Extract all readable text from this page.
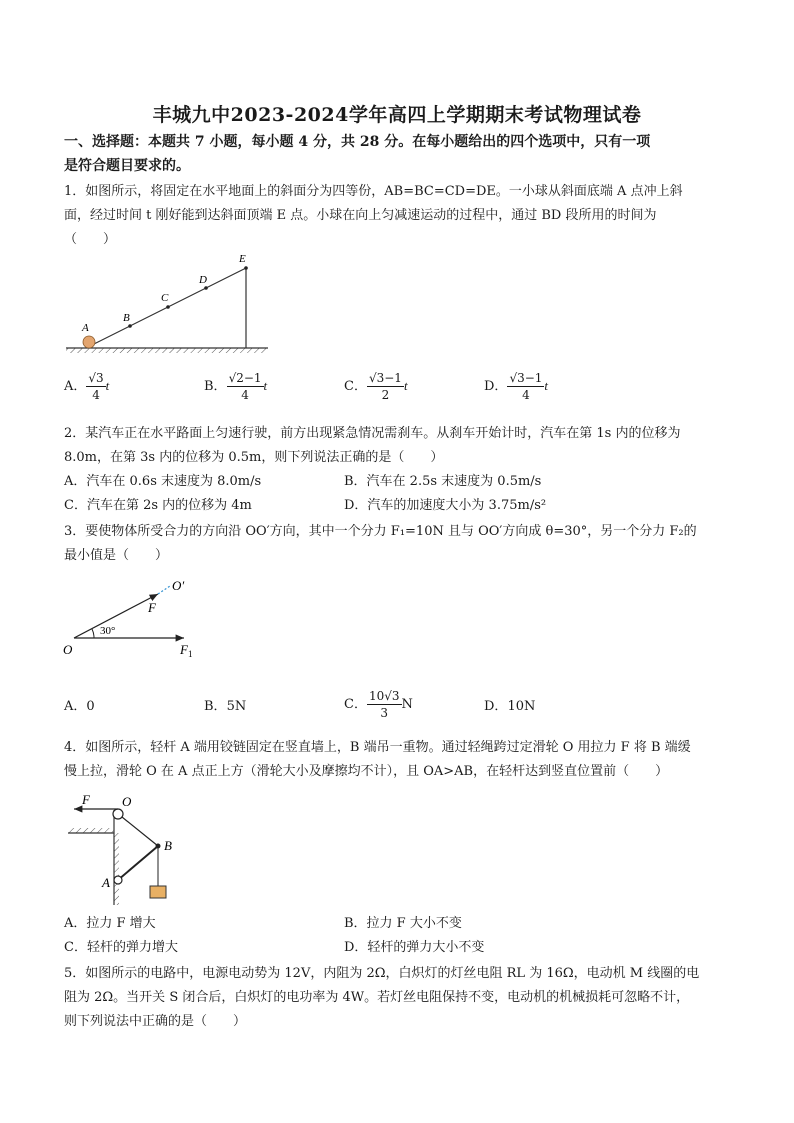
丰城九中2023-2024学年高四上学期期末考试物理试卷
一、选择题：本题共 7 小题，每小题 4 分，共 28 分。在每小题给出的四个选项中，只有一项
是符合题目要求的。
1．如图所示，将固定在水平地面上的斜面分为四等份，AB=BC=CD=DE。一小球从斜面底端 A 点冲上斜
面，经过时间 t 刚好能到达斜面顶端 E 点。小球在向上匀减速运动的过程中，通过 BD 段所用的时间为
（　　）
A
B
C
D
E
A． $\frac{√3}{4}$ t	B． $\frac{√2-1}{4}$ t	C． $\frac{√3-1}{2}$ t	D． $\frac{√3-1}{4}$ t
2．某汽车正在水平路面上匀速行驶，前方出现紧急情况需刹车。从刹车开始计时，汽车在第 1s 内的位移为
8.0m，在第 3s 内的位移为 0.5m，则下列说法正确的是（　　）
A．汽车在 0.6s 末速度为 8.0m/s	B．汽车在 2.5s 末速度为 0.5m/s
C．汽车在第 2s 内的位移为 4m	D．汽车的加速度大小为 3.75m/s²
3．要使物体所受合力的方向沿 OO′方向，其中一个分力 F₁=10N 且与 OO′方向成 θ=30°，另一个分力 F₂的
最小值是（　　）
O
O′
F
$F_1$
30°
A．0	B．5N	C． $\frac{10√3}{3}$ N	D．10N
4．如图所示，轻杆 A 端用铰链固定在竖直墙上，B 端吊一重物。通过轻绳跨过定滑轮 O 用拉力 F 将 B 端缓
慢上拉，滑轮 O 在 A 点正上方（滑轮大小及摩擦均不计），且 OA>AB，在轻杆达到竖直位置前（　　）
F O
B
A
A．拉力 F 增大	B．拉力 F 大小不变
C．轻杆的弹力增大	D．轻杆的弹力大小不变
5．如图所示的电路中，电源电动势为 12V，内阻为 2Ω，白炽灯的灯丝电阻 RL 为 16Ω，电动机 M 线圈的电
阻为 2Ω。当开关 S 闭合后，白炽灯的电功率为 4W。若灯丝电阻保持不变，电动机的机械损耗可忽略不计，
则下列说法中正确的是（　　）
